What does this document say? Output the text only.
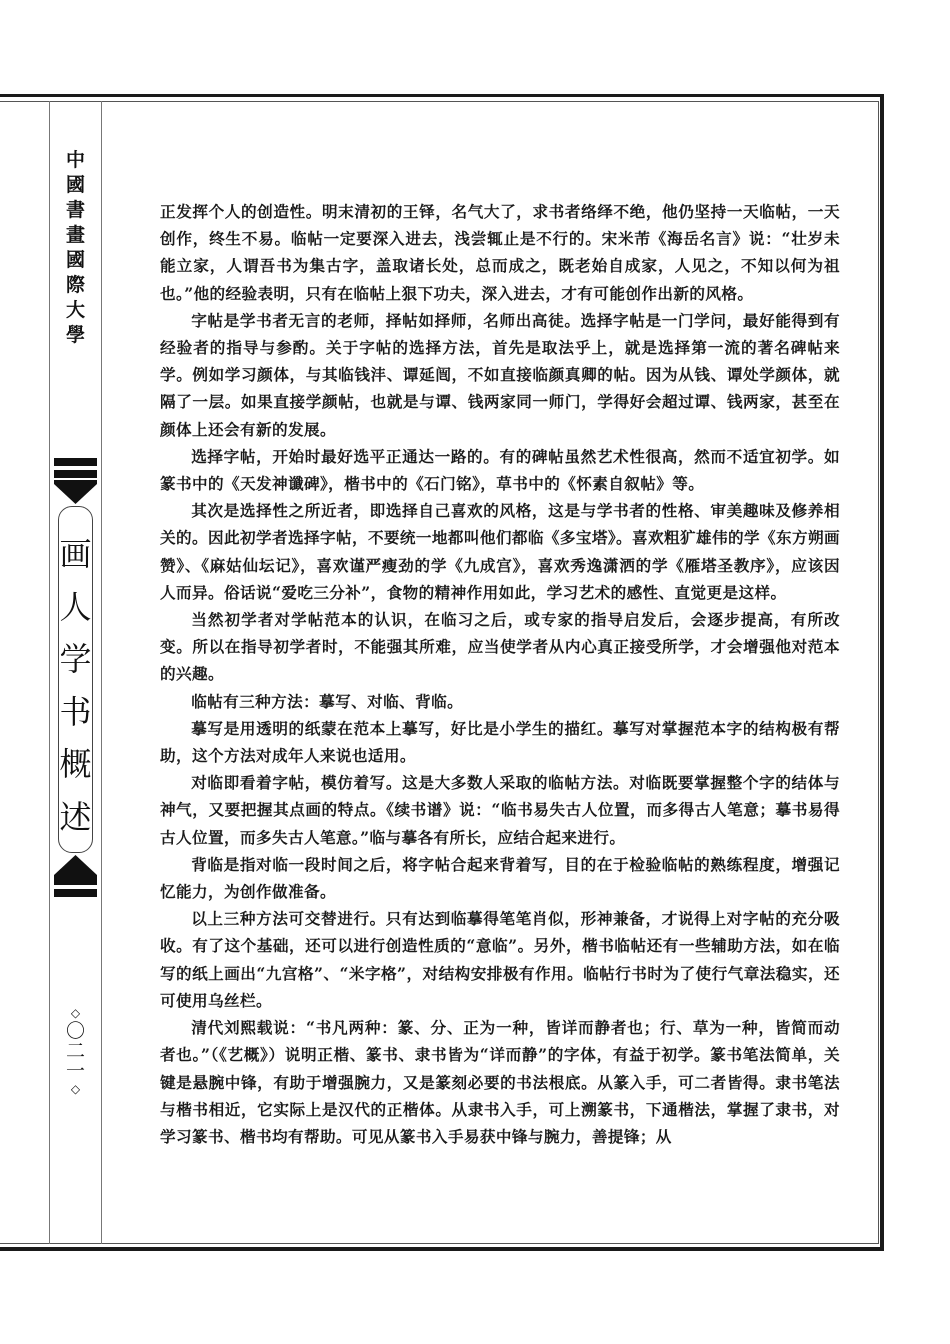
中
國
書
畫
國
際
大
學
画
人
学
书
概
述
◇
〇
二
一
◇

正发挥个人的创造性。明末清初的王铎，名气大了，求书者络绎不绝，他仍坚持一天临帖，一天创作，终生不易。临帖一定要深入进去，浅尝辄止是不行的。宋米芾《海岳名言》说：“壮岁未能立家，人谓吾书为集古字，盖取诸长处，总而成之，既老始自成家，人见之，不知以何为祖也。”他的经验表明，只有在临帖上狠下功夫，深入进去，才有可能创作出新的风格。

字帖是学书者无言的老师，择帖如择师，名师出高徒。选择字帖是一门学问，最好能得到有经验者的指导与参酌。关于字帖的选择方法，首先是取法乎上，就是选择第一流的著名碑帖来学。例如学习颜体，与其临钱沣、谭延闿，不如直接临颜真卿的帖。因为从钱、谭处学颜体，就隔了一层。如果直接学颜帖，也就是与谭、钱两家同一师门，学得好会超过谭、钱两家，甚至在颜体上还会有新的发展。

选择字帖，开始时最好选平正通达一路的。有的碑帖虽然艺术性很高，然而不适宜初学。如篆书中的《天发神谶碑》，楷书中的《石门铭》，草书中的《怀素自叙帖》等。

其次是选择性之所近者，即选择自己喜欢的风格，这是与学书者的性格、审美趣味及修养相关的。因此初学者选择字帖，不要统一地都叫他们都临《多宝塔》。喜欢粗犷雄伟的学《东方朔画赞》、《麻姑仙坛记》，喜欢谨严瘦劲的学《九成宫》，喜欢秀逸潇洒的学《雁塔圣教序》，应该因人而异。俗话说“爱吃三分补”，食物的精神作用如此，学习艺术的感性、直觉更是这样。

当然初学者对学帖范本的认识，在临习之后，或专家的指导启发后，会逐步提高，有所改变。所以在指导初学者时，不能强其所难，应当使学者从内心真正接受所学，才会增强他对范本的兴趣。

临帖有三种方法：摹写、对临、背临。

摹写是用透明的纸蒙在范本上摹写，好比是小学生的描红。摹写对掌握范本字的结构极有帮助，这个方法对成年人来说也适用。

对临即看着字帖，模仿着写。这是大多数人采取的临帖方法。对临既要掌握整个字的结体与神气，又要把握其点画的特点。《续书谱》说：“临书易失古人位置，而多得古人笔意；摹书易得古人位置，而多失古人笔意。”临与摹各有所长，应结合起来进行。

背临是指对临一段时间之后，将字帖合起来背着写，目的在于检验临帖的熟练程度，增强记忆能力，为创作做准备。

以上三种方法可交替进行。只有达到临摹得笔笔肖似，形神兼备，才说得上对字帖的充分吸收。有了这个基础，还可以进行创造性质的“意临”。另外，楷书临帖还有一些辅助方法，如在临写的纸上画出“九宫格”、“米字格”，对结构安排极有作用。临帖行书时为了使行气章法稳实，还可使用乌丝栏。

清代刘熙载说：“书凡两种：篆、分、正为一种，皆详而静者也；行、草为一种，皆简而动者也。”（《艺概》）说明正楷、篆书、隶书皆为“详而静”的字体，有益于初学。篆书笔法简单，关键是悬腕中锋，有助于增强腕力，又是篆刻必要的书法根底。从篆入手，可二者皆得。隶书笔法与楷书相近，它实际上是汉代的正楷体。从隶书入手，可上溯篆书，下通楷法，掌握了隶书，对学习篆书、楷书均有帮助。可见从篆书入手易获中锋与腕力，善提锋；从
